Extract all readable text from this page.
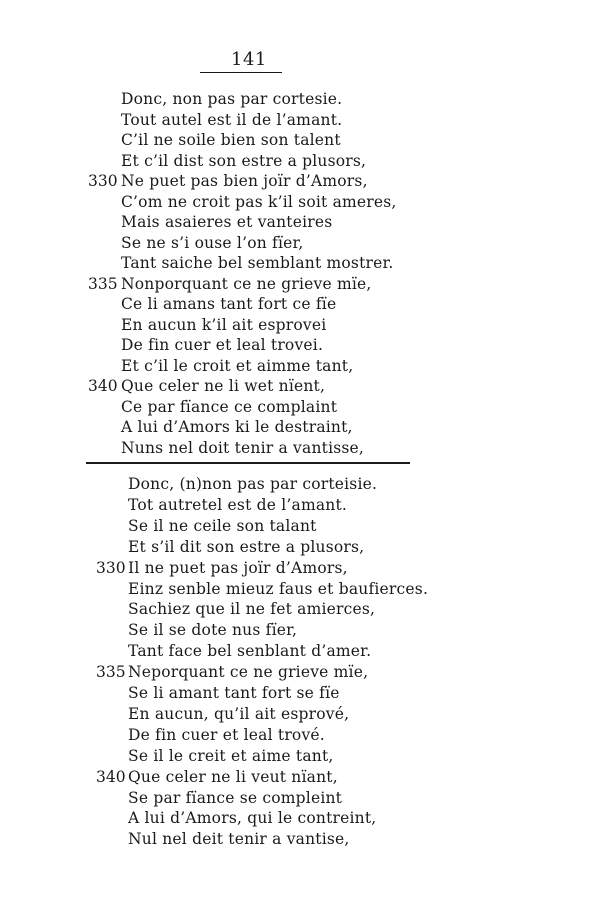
141
Donc, non pas par cortesie.
Tout autel est il de l’amant.
C’il ne soile bien son talent
Et c’il dist son estre a plusors,
330 Ne puet pas bien joïr d’Amors,
C’om ne croit pas k’il soit ameres,
Mais asaieres et vanteires
Se ne s’i ouse l’on fïer,
Tant saiche bel semblant mostrer.
335 Nonporquant ce ne grieve mïe,
Ce li amans tant fort ce fïe
En aucun k’il ait esprovei
De fin cuer et leal trovei.
Et c’il le croit et aimme tant,
340 Que celer ne li wet nïent,
Ce par fïance ce complaint
A lui d’Amors ki le destraint,
Nuns nel doit tenir a vantisse,
Donc, (n)non pas par corteisie.
Tot autretel est de l’amant.
Se il ne ceile son talant
Et s’il dit son estre a plusors,
330 Il ne puet pas joïr d’Amors,
Einz senble mieuz faus et baufierces.
Sachiez que il ne fet amierces,
Se il se dote nus fïer,
Tant face bel senblant d’amer.
335 Neporquant ce ne grieve mïe,
Se li amant tant fort se fïe
En aucun, qu’il ait esprové,
De fin cuer et leal trové.
Se il le creit et aime tant,
340 Que celer ne li veut nïant,
Se par fïance se compleint
A lui d’Amors, qui le contreint,
Nul nel deit tenir a vantise,
